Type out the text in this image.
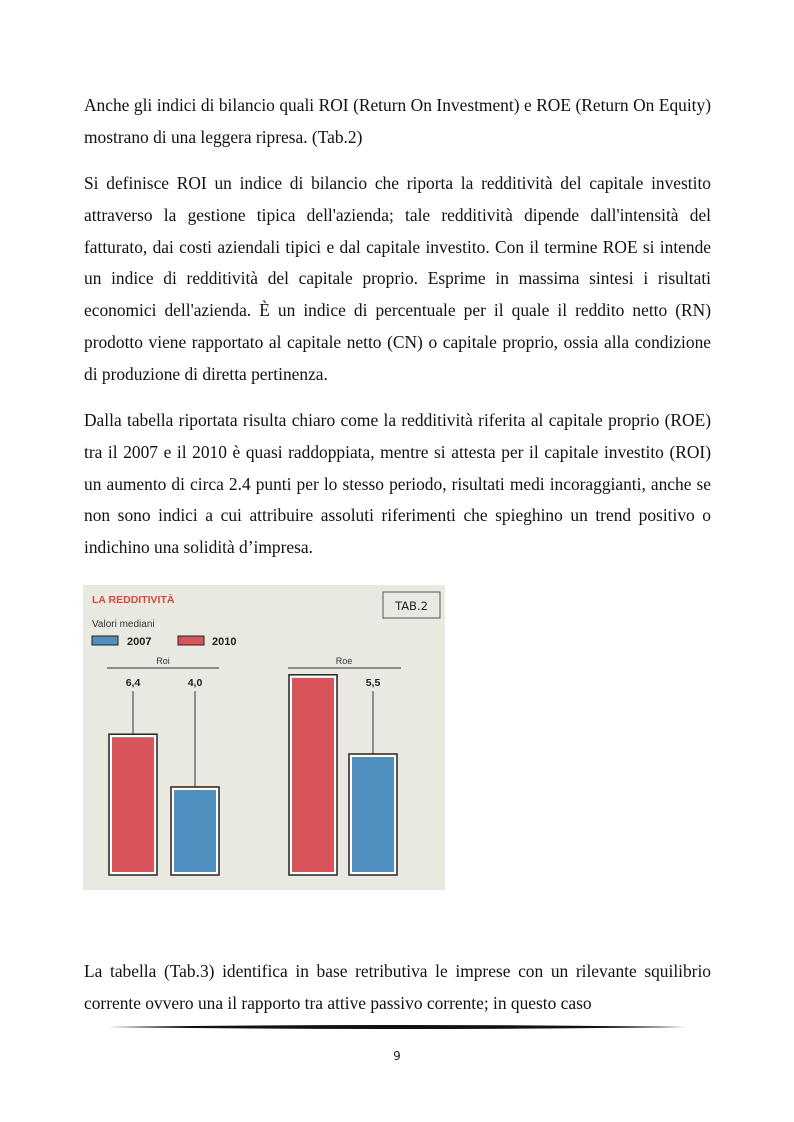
Anche gli indici di bilancio quali ROI (Return On Investment) e ROE (Return On Equity) mostrano di una leggera ripresa. (Tab.2)

Si definisce ROI un indice di bilancio che riporta la redditività del capitale investito attraverso la gestione tipica dell'azienda; tale redditività dipende dall'intensità del fatturato, dai costi aziendali tipici e dal capitale investito. Con il termine ROE si intende un indice di redditività del capitale proprio. Esprime in massima sintesi i risultati economici dell'azienda. È un indice di percentuale per il quale il reddito netto (RN) prodotto viene rapportato al capitale netto (CN) o capitale proprio, ossia alla condizione di produzione di diretta pertinenza.

Dalla tabella riportata risulta chiaro come la redditività riferita al capitale proprio (ROE) tra il 2007 e il 2010 è quasi raddoppiata, mentre si attesta per il capitale investito (ROI) un aumento di circa 2.4 punti per lo stesso periodo, risultati medi incoraggianti, anche se non sono indici a cui attribuire assoluti riferimenti che spieghino un trend positivo o indichino una solidità d’impresa.

LA REDDITIVITÀ	TAB.2
Valori mediani
2007	2010
Roi	Roe
6,4	4,0	5,5

La tabella (Tab.3) identifica in base retributiva le imprese con un rilevante squilibrio corrente ovvero una il rapporto tra attive passivo corrente; in questo caso

9
